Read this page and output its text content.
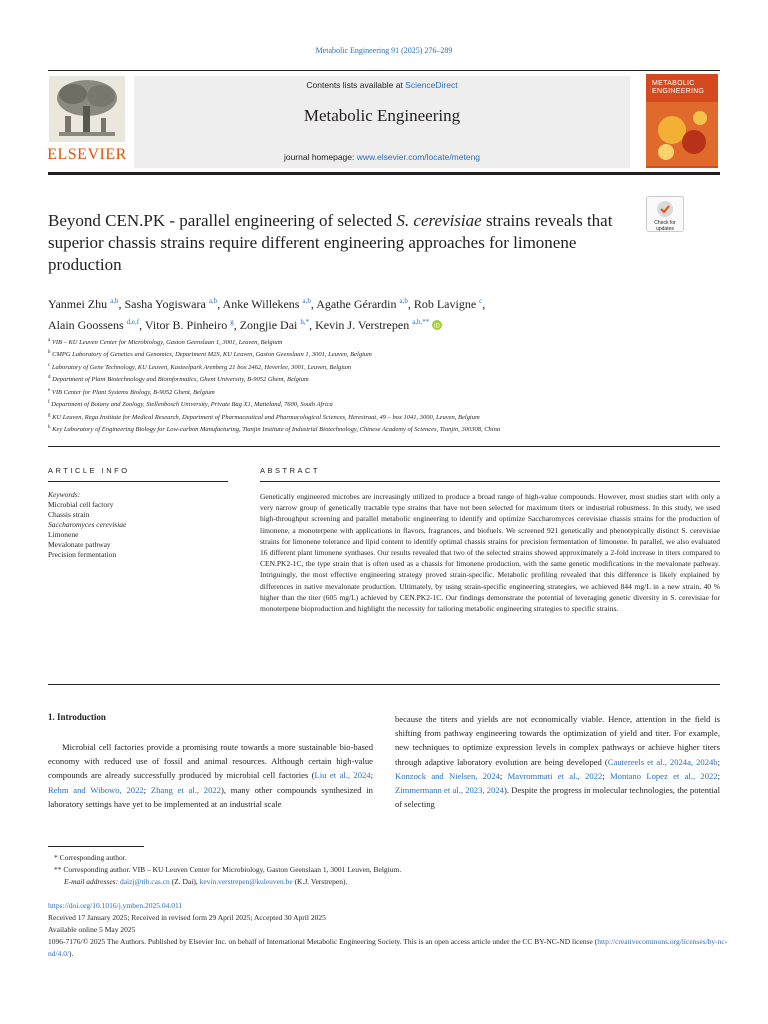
Metabolic Engineering 91 (2025) 276–289
ELSEVIER
Contents lists available at ScienceDirect
Metabolic Engineering
journal homepage: www.elsevier.com/locate/meteng
METABOLIC
ENGINEERING
Check for updates
Beyond CEN.PK - parallel engineering of selected S. cerevisiae strains reveals that superior chassis strains require different engineering approaches for limonene production
Yanmei Zhu $^{a,b}$, Sasha Yogiswara $^{a,b}$, Anke Willekens $^{a,b}$, Agathe Gérardin $^{a,b}$, Rob Lavigne $^c$,
Alain Goossens $^{d,e,f}$, Vitor B. Pinheiro $^g$, Zongjie Dai $^{h,*}$, Kevin J. Verstrepen $^{a,b,**}$
iD

$^a$ VIB – KU Leuven Center for Microbiology, Gaston Geenslaan 1, 3001, Leuven, Belgium

$^b$ CMPG Laboratory of Genetics and Genomics, Department M2S, KU Leuven, Gaston Geenslaan 1, 3001, Leuven, Belgium

$^c$ Laboratory of Gene Technology, KU Leuven, Kasteelpark Arenberg 21 box 2462, Heverlee, 3001, Leuven, Belgium

$^d$ Department of Plant Biotechnology and Bioinformatics, Ghent University, B-9052 Ghent, Belgium

$^e$ VIB Center for Plant Systems Biology, B-9052 Ghent, Belgium

$^f$ Department of Botany and Zoology, Stellenbosch University, Private Bag X1, Matieland, 7600, South Africa

$^g$ KU Leuven, Rega Institute for Medical Research, Department of Pharmaceutical and Pharmacological Sciences, Herestraat, 49 – box 1041, 3000, Leuven, Belgium

$^h$ Key Laboratory of Engineering Biology for Low-carbon Manufacturing, Tianjin Institute of Industrial Biotechnology, Chinese Academy of Sciences, Tianjin, 300308, China

ARTICLE INFO	ABSTRACT

Keywords:

Microbial cell factory

Chassis strain

Saccharomyces cerevisiae

Limonene

Mevalonate pathway

Precision fermentation

Genetically engineered microbes are increasingly utilized to produce a broad range of high-value compounds. However, most studies start with only a very narrow group of genetically tractable type strains that have not been selected for maximum titers or industrial robustness. In this study, we used high-throughput screening and parallel metabolic engineering to identify and optimize Saccharomyces cerevisiae chassis strains for the production of limonene, a monoterpene with applications in flavors, fragrances, and biofuels. We screened 921 genetically and phenotypically distinct S. cerevisiae strains for limonene tolerance and lipid content to identify optimal chassis strains for precision fermentation of limonene. In parallel, we also evaluated 16 different plant limonene synthases. Our results revealed that two of the selected strains showed approximately a 2-fold increase in titers compared to CEN.PK2-1C, the type strain that is often used as a chassis for limonene production, with the same genetic modifications in the mevalonate pathway. Intriguingly, the most effective engineering strategy proved strain-specific. Metabolic profiling revealed that this difference is likely explained by differences in native mevalonate production. Ultimately, by using strain-specific engineering strategies, we achieved 844 mg/L in a new strain, 40 % higher than the titer (605 mg/L) achieved by CEN.PK2-1C. Our findings demonstrate the potential of leveraging genetic diversity in S. cerevisiae for monoterpene bioproduction and highlight the necessity for tailoring metabolic engineering strategies to specific strains.
1. Introduction
Microbial cell factories provide a promising route towards a more sustainable bio-based economy with reduced use of fossil and animal resources. Although certain high-value compounds are already successfully produced by microbial cell factories (Liu et al., 2024; Rehm and Wibowo, 2022; Zhang et al., 2022), many other compounds synthesized in laboratory settings have yet to be implemented at an industrial scale
because the titers and yields are not economically viable. Hence, attention in the field is shifting from pathway engineering towards the optimization of yield and titer. For example, new techniques to optimize expression levels in complex pathways or achieve higher titers through adaptive laboratory evolution are being developed (Cautereels et al., 2024a, 2024b; Konzock and Nielsen, 2024; Mavrommati et al., 2022; Montano Lopez et al., 2022; Zimmermann et al., 2023, 2024). Despite the progress in molecular technologies, the potential of selecting

* Corresponding author.

** Corresponding author. VIB – KU Leuven Center for Microbiology, Gaston Geenslaan 1, 3001 Leuven, Belgium.

E-mail addresses: daizj@tib.cas.cn (Z. Dai), kevin.verstrepen@kuleuven.be (K.J. Verstrepen).

https://doi.org/10.1016/j.ymben.2025.04.011

Received 17 January 2025; Received in revised form 29 April 2025; Accepted 30 April 2025

Available online 5 May 2025

1096-7176/© 2025 The Authors. Published by Elsevier Inc. on behalf of International Metabolic Engineering Society. This is an open access article under the CC BY-NC-ND license (http://creativecommons.org/licenses/by-nc-nd/4.0/).
